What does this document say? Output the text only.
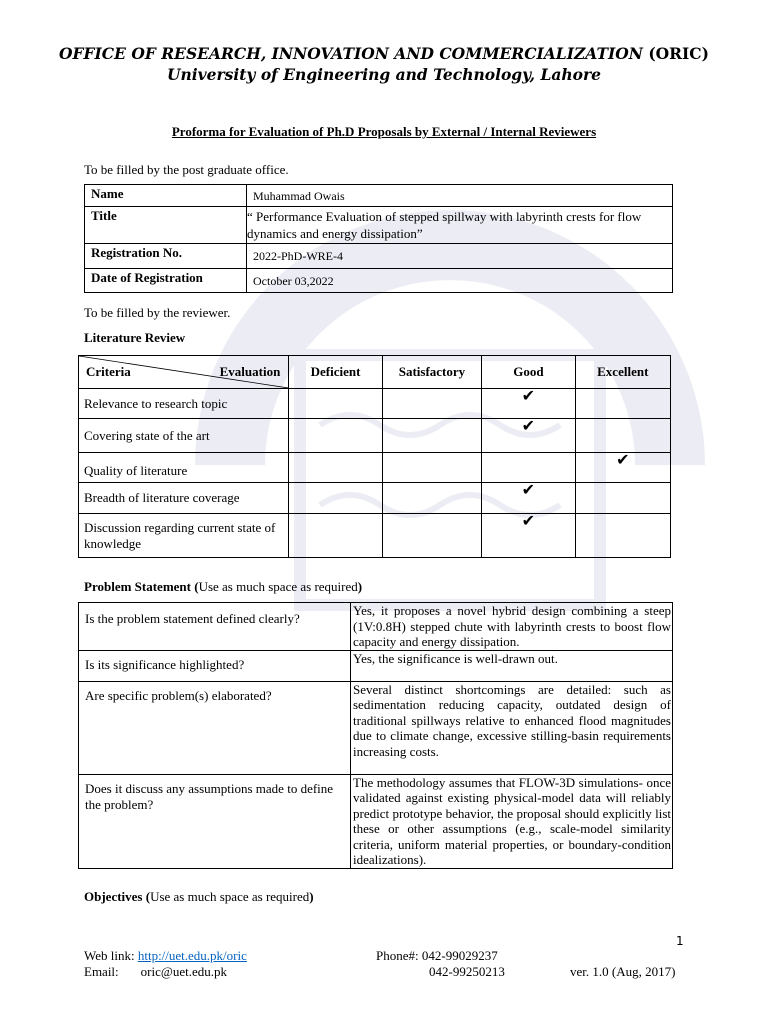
OFFICE OF RESEARCH, INNOVATION AND COMMERCIALIZATION (ORIC)
University of Engineering and Technology, Lahore
Proforma for Evaluation of Ph.D Proposals by External / Internal Reviewers
To be filled by the post graduate office.
Name	Muhammad Owais
Title	“ Performance Evaluation of stepped spillway with labyrinth crests for flow dynamics and energy dissipation”
Registration No.	2022-PhD-WRE-4
Date of Registration	October 03,2022
To be filled by the reviewer.
Literature Review
Criteria Evaluation	Deficient	Satisfactory	Good	Excellent
Relevance to research topic			✔	
Covering state of the art			✔	
Quality of literature				✔
Breadth of literature coverage			✔	
Discussion regarding current state of knowledge			✔	
Problem Statement (Use as much space as required)
Is the problem statement defined clearly?	Yes, it proposes a novel hybrid design combining a steep (1V:0.8H) stepped chute with labyrinth crests to boost flow capacity and energy dissipation.
Is its significance highlighted?	Yes, the significance is well-drawn out.
Are specific problem(s) elaborated?	Several distinct shortcomings are detailed: such as sedimentation reducing capacity, outdated design of traditional spillways relative to enhanced flood magnitudes due to climate change, excessive stilling-basin requirements increasing costs.
Does it discuss any assumptions made to define the problem?	The methodology assumes that FLOW-3D simulations- once validated against existing physical-model data will reliably predict prototype behavior, the proposal should explicitly list these or other assumptions (e.g., scale-model similarity criteria, uniform material properties, or boundary-condition idealizations).
Objectives (Use as much space as required)
1
Web link: http://uet.edu.pk/oric
Email: oric@uet.edu.pk
Phone#: 042-99029237
042-99250213	ver. 1.0 (Aug, 2017)
